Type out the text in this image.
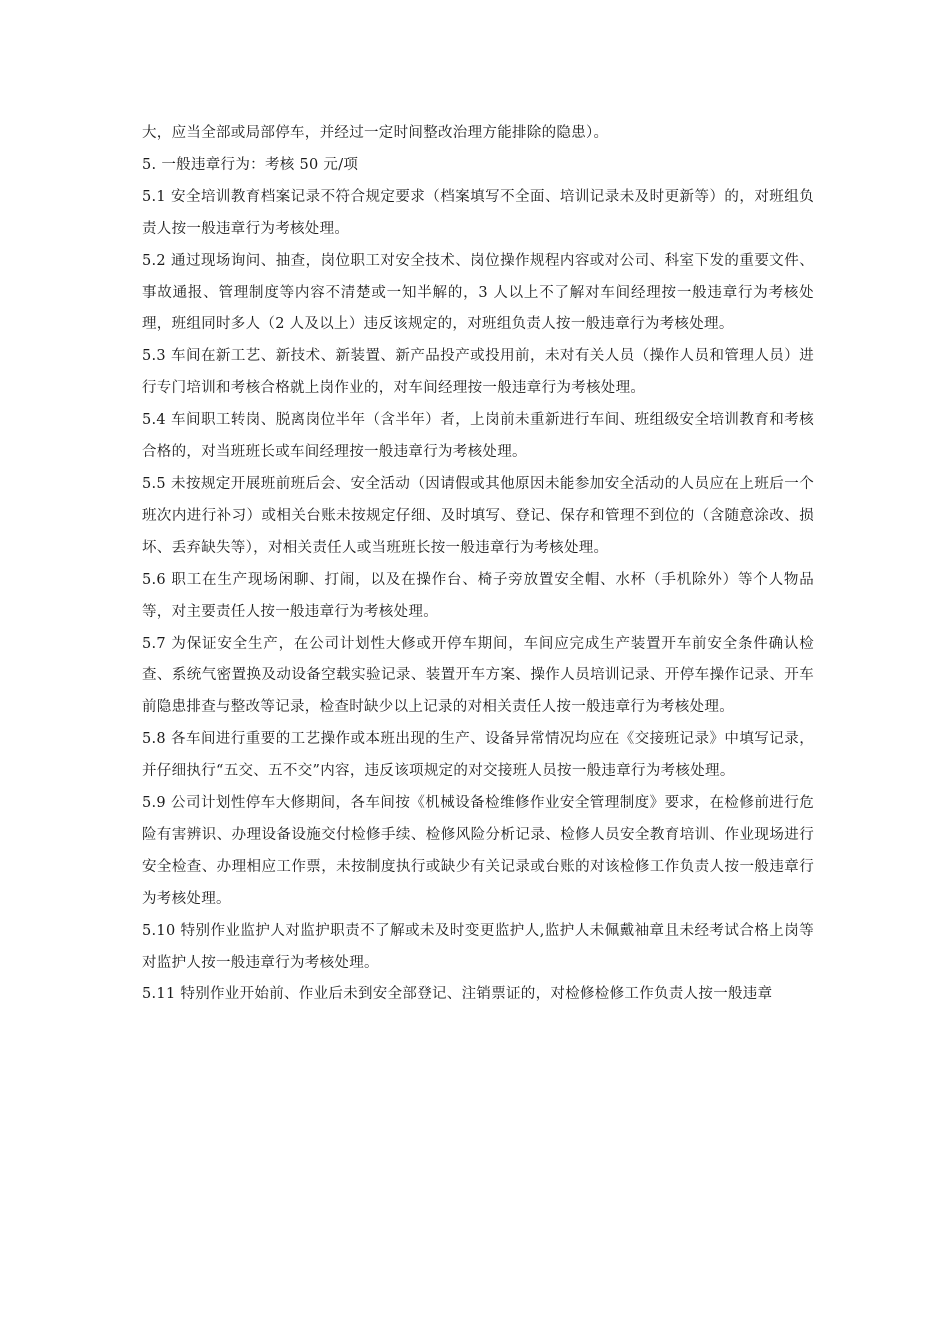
大，应当全部或局部停车，并经过一定时间整改治理方能排除的隐患）。

5. 一般违章行为：考核 50 元/项

5.1 安全培训教育档案记录不符合规定要求（档案填写不全面、培训记录未及时更新等）的，对班组负责人按一般违章行为考核处理。

5.2 通过现场询问、抽查，岗位职工对安全技术、岗位操作规程内容或对公司、科室下发的重要文件、事故通报、管理制度等内容不清楚或一知半解的，3 人以上不了解对车间经理按一般违章行为考核处理，班组同时多人（2 人及以上）违反该规定的，对班组负责人按一般违章行为考核处理。

5.3 车间在新工艺、新技术、新装置、新产品投产或投用前，未对有关人员（操作人员和管理人员）进行专门培训和考核合格就上岗作业的，对车间经理按一般违章行为考核处理。

5.4 车间职工转岗、脱离岗位半年（含半年）者，上岗前未重新进行车间、班组级安全培训教育和考核合格的，对当班班长或车间经理按一般违章行为考核处理。

5.5 未按规定开展班前班后会、安全活动（因请假或其他原因未能参加安全活动的人员应在上班后一个班次内进行补习）或相关台账未按规定仔细、及时填写、登记、保存和管理不到位的（含随意涂改、损坏、丢弃缺失等），对相关责任人或当班班长按一般违章行为考核处理。

5.6 职工在生产现场闲聊、打闹，以及在操作台、椅子旁放置安全帽、水杯（手机除外）等个人物品等，对主要责任人按一般违章行为考核处理。

5.7 为保证安全生产，在公司计划性大修或开停车期间，车间应完成生产装置开车前安全条件确认检查、系统气密置换及动设备空载实验记录、装置开车方案、操作人员培训记录、开停车操作记录、开车前隐患排查与整改等记录，检查时缺少以上记录的对相关责任人按一般违章行为考核处理。

5.8 各车间进行重要的工艺操作或本班出现的生产、设备异常情况均应在《交接班记录》中填写记录，并仔细执行“五交、五不交”内容，违反该项规定的对交接班人员按一般违章行为考核处理。

5.9 公司计划性停车大修期间，各车间按《机械设备检维修作业安全管理制度》要求，在检修前进行危险有害辨识、办理设备设施交付检修手续、检修风险分析记录、检修人员安全教育培训、作业现场进行安全检查、办理相应工作票，未按制度执行或缺少有关记录或台账的对该检修工作负责人按一般违章行为考核处理。

5.10 特别作业监护人对监护职责不了解或未及时变更监护人,监护人未佩戴袖章且未经考试合格上岗等对监护人按一般违章行为考核处理。

5.11 特别作业开始前、作业后未到安全部登记、注销票证的，对检修检修工作负责人按一般违章
